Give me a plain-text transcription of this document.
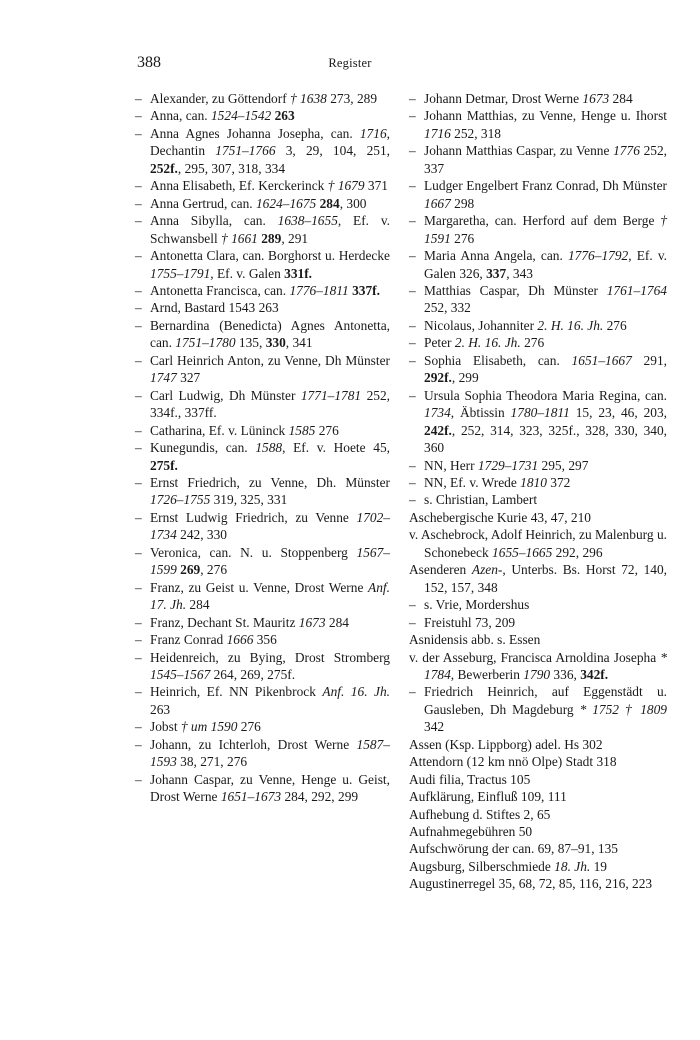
388	Register

– Alexander, zu Göttendorf † 1638 273, 289

– Anna, can. 1524–1542 263

– Anna Agnes Johanna Josepha, can. 1716, Dechantin 1751–1766 3, 29, 104, 251, 252f., 295, 307, 318, 334

– Anna Elisabeth, Ef. Kerckerinck † 1679 371

– Anna Gertrud, can. 1624–1675 284, 300

– Anna Sibylla, can. 1638–1655, Ef. v. Schwansbell † 1661 289, 291

– Antonetta Clara, can. Borghorst u. Herdecke 1755–1791, Ef. v. Galen 331f.

– Antonetta Francisca, can. 1776–1811 337f.

– Arnd, Bastard 1543 263

– Bernardina (Benedicta) Agnes Antonetta, can. 1751–1780 135, 330, 341

– Carl Heinrich Anton, zu Venne, Dh Münster 1747 327

– Carl Ludwig, Dh Münster 1771–1781 252, 334f., 337ff.

– Catharina, Ef. v. Lüninck 1585 276

– Kunegundis, can. 1588, Ef. v. Hoete 45, 275f.

– Ernst Friedrich, zu Venne, Dh. Münster 1726–1755 319, 325, 331

– Ernst Ludwig Friedrich, zu Venne 1702–1734 242, 330

– Veronica, can. N. u. Stoppenberg 1567–1599 269, 276

– Franz, zu Geist u. Venne, Drost Werne Anf. 17. Jh. 284

– Franz, Dechant St. Mauritz 1673 284

– Franz Conrad 1666 356

– Heidenreich, zu Bying, Drost Stromberg 1545–1567 264, 269, 275f.

– Heinrich, Ef. NN Pikenbrock Anf. 16. Jh. 263

– Jobst † um 1590 276

– Johann, zu Ichterloh, Drost Werne 1587–1593 38, 271, 276

– Johann Caspar, zu Venne, Henge u. Geist, Drost Werne 1651–1673 284, 292, 299

– Johann Detmar, Drost Werne 1673 284

– Johann Matthias, zu Venne, Henge u. Ihorst 1716 252, 318

– Johann Matthias Caspar, zu Venne 1776 252, 337

– Ludger Engelbert Franz Conrad, Dh Münster 1667 298

– Margaretha, can. Herford auf dem Berge † 1591 276

– Maria Anna Angela, can. 1776–1792, Ef. v. Galen 326, 337, 343

– Matthias Caspar, Dh Münster 1761–1764 252, 332

– Nicolaus, Johanniter 2. H. 16. Jh. 276

– Peter 2. H. 16. Jh. 276

– Sophia Elisabeth, can. 1651–1667 291, 292f., 299

– Ursula Sophia Theodora Maria Regina, can. 1734, Äbtissin 1780–1811 15, 23, 46, 203, 242f., 252, 314, 323, 325f., 328, 330, 340, 360

– NN, Herr 1729–1731 295, 297

– NN, Ef. v. Wrede 1810 372

– s. Christian, Lambert

Aschebergische Kurie 43, 47, 210

v. Aschebrock, Adolf Heinrich, zu Malenburg u. Schonebeck 1655–1665 292, 296

Asenderen Azen-, Unterbs. Bs. Horst 72, 140, 152, 157, 348

– s. Vrie, Mordershus

– Freistuhl 73, 209

Asnidensis abb. s. Essen

v. der Asseburg, Francisca Arnoldina Josepha * 1784, Bewerberin 1790 336, 342f.

– Friedrich Heinrich, auf Eggenstädt u. Gausleben, Dh Magdeburg * 1752 † 1809 342

Assen (Ksp. Lippborg) adel. Hs 302

Attendorn (12 km nnö Olpe) Stadt 318

Audi filia, Tractus 105

Aufklärung, Einfluß 109, 111

Aufhebung d. Stiftes 2, 65

Aufnahmegebühren 50

Aufschwörung der can. 69, 87–91, 135

Augsburg, Silberschmiede 18. Jh. 19

Augustinerregel 35, 68, 72, 85, 116, 216, 223
